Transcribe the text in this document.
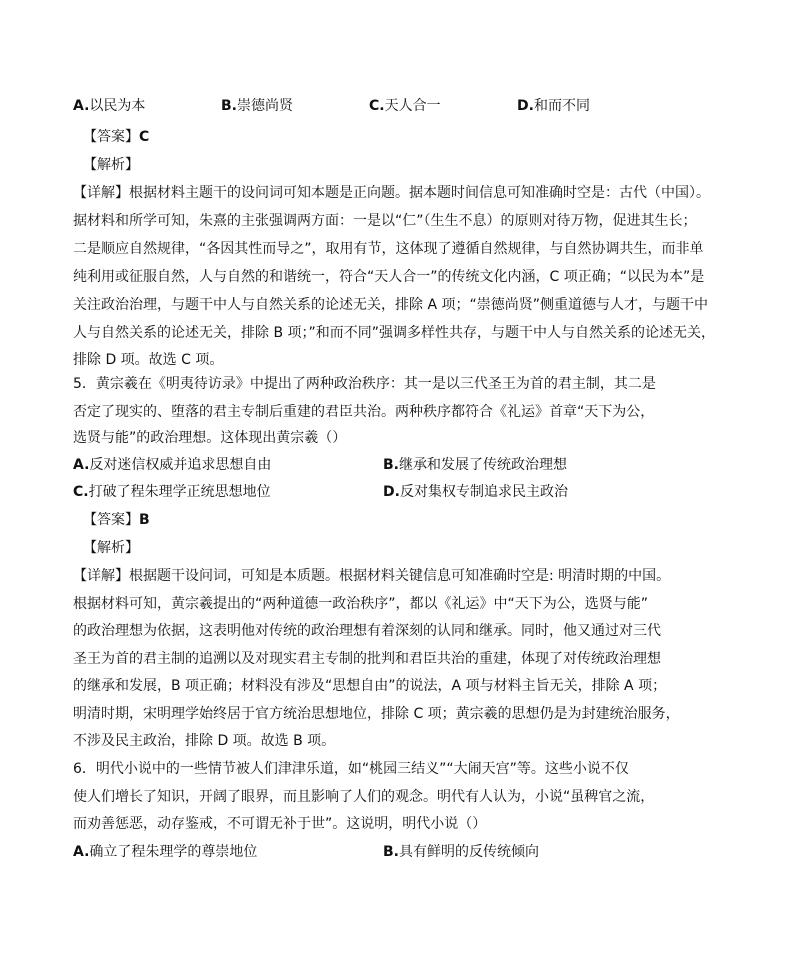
A.以民为本	B.崇德尚贤	C.天人合一	D.和而不同
【答案】C
【解析】
【详解】根据材料主题干的设问词可知本题是正向题。据本题时间信息可知准确时空是：古代（中国）。
据材料和所学可知，朱熹的主张强调两方面：一是以“仁”（生生不息）的原则对待万物，促进其生长；
二是顺应自然规律，“各因其性而导之”，取用有节，这体现了遵循自然规律，与自然协调共生，而非单
纯利用或征服自然，人与自然的和谐统一，符合“天人合一”的传统文化内涵，C 项正确；“以民为本”是
关注政治治理，与题干中人与自然关系的论述无关，排除 A 项；“崇德尚贤”侧重道德与人才，与题干中
人与自然关系的论述无关，排除 B 项；”和而不同”强调多样性共存，与题干中人与自然关系的论述无关，
排除 D 项。故选 C 项。
5．黄宗羲在《明夷待访录》中提出了两种政治秩序：其一是以三代圣王为首的君主制，其二是
否定了现实的、堕落的君主专制后重建的君臣共治。两种秩序都符合《礼运》首章“天下为公，
选贤与能”的政治理想。这体现出黄宗羲（）
A.反对迷信权威并追求思想自由	B.继承和发展了传统政治理想
C.打破了程朱理学正统思想地位	D.反对集权专制追求民主政治
【答案】B
【解析】
【详解】根据题干设问词，可知是本质题。根据材料关键信息可知准确时空是: 明清时期的中国。
根据材料可知，黄宗羲提出的“两种道德一政治秩序”，都以《礼运》中“天下为公，选贤与能”
的政治理想为依据，这表明他对传统的政治理想有着深刻的认同和继承。同时，他又通过对三代
圣王为首的君主制的追溯以及对现实君主专制的批判和君臣共治的重建，体现了对传统政治理想
的继承和发展，B 项正确；材料没有涉及“思想自由”的说法，A 项与材料主旨无关，排除 A 项；
明清时期，宋明理学始终居于官方统治思想地位，排除 C 项；黄宗羲的思想仍是为封建统治服务，
不涉及民主政治，排除 D 项。故选 B 项。
6．明代小说中的一些情节被人们津津乐道，如“桃园三结义”“大闹天宫”等。这些小说不仅
使人们增长了知识，开阔了眼界，而且影响了人们的观念。明代有人认为，小说“虽稗官之流，
而劝善惩恶，动存鉴戒，不可谓无补于世”。这说明，明代小说（）
A.确立了程朱理学的尊崇地位	B.具有鲜明的反传统倾向
